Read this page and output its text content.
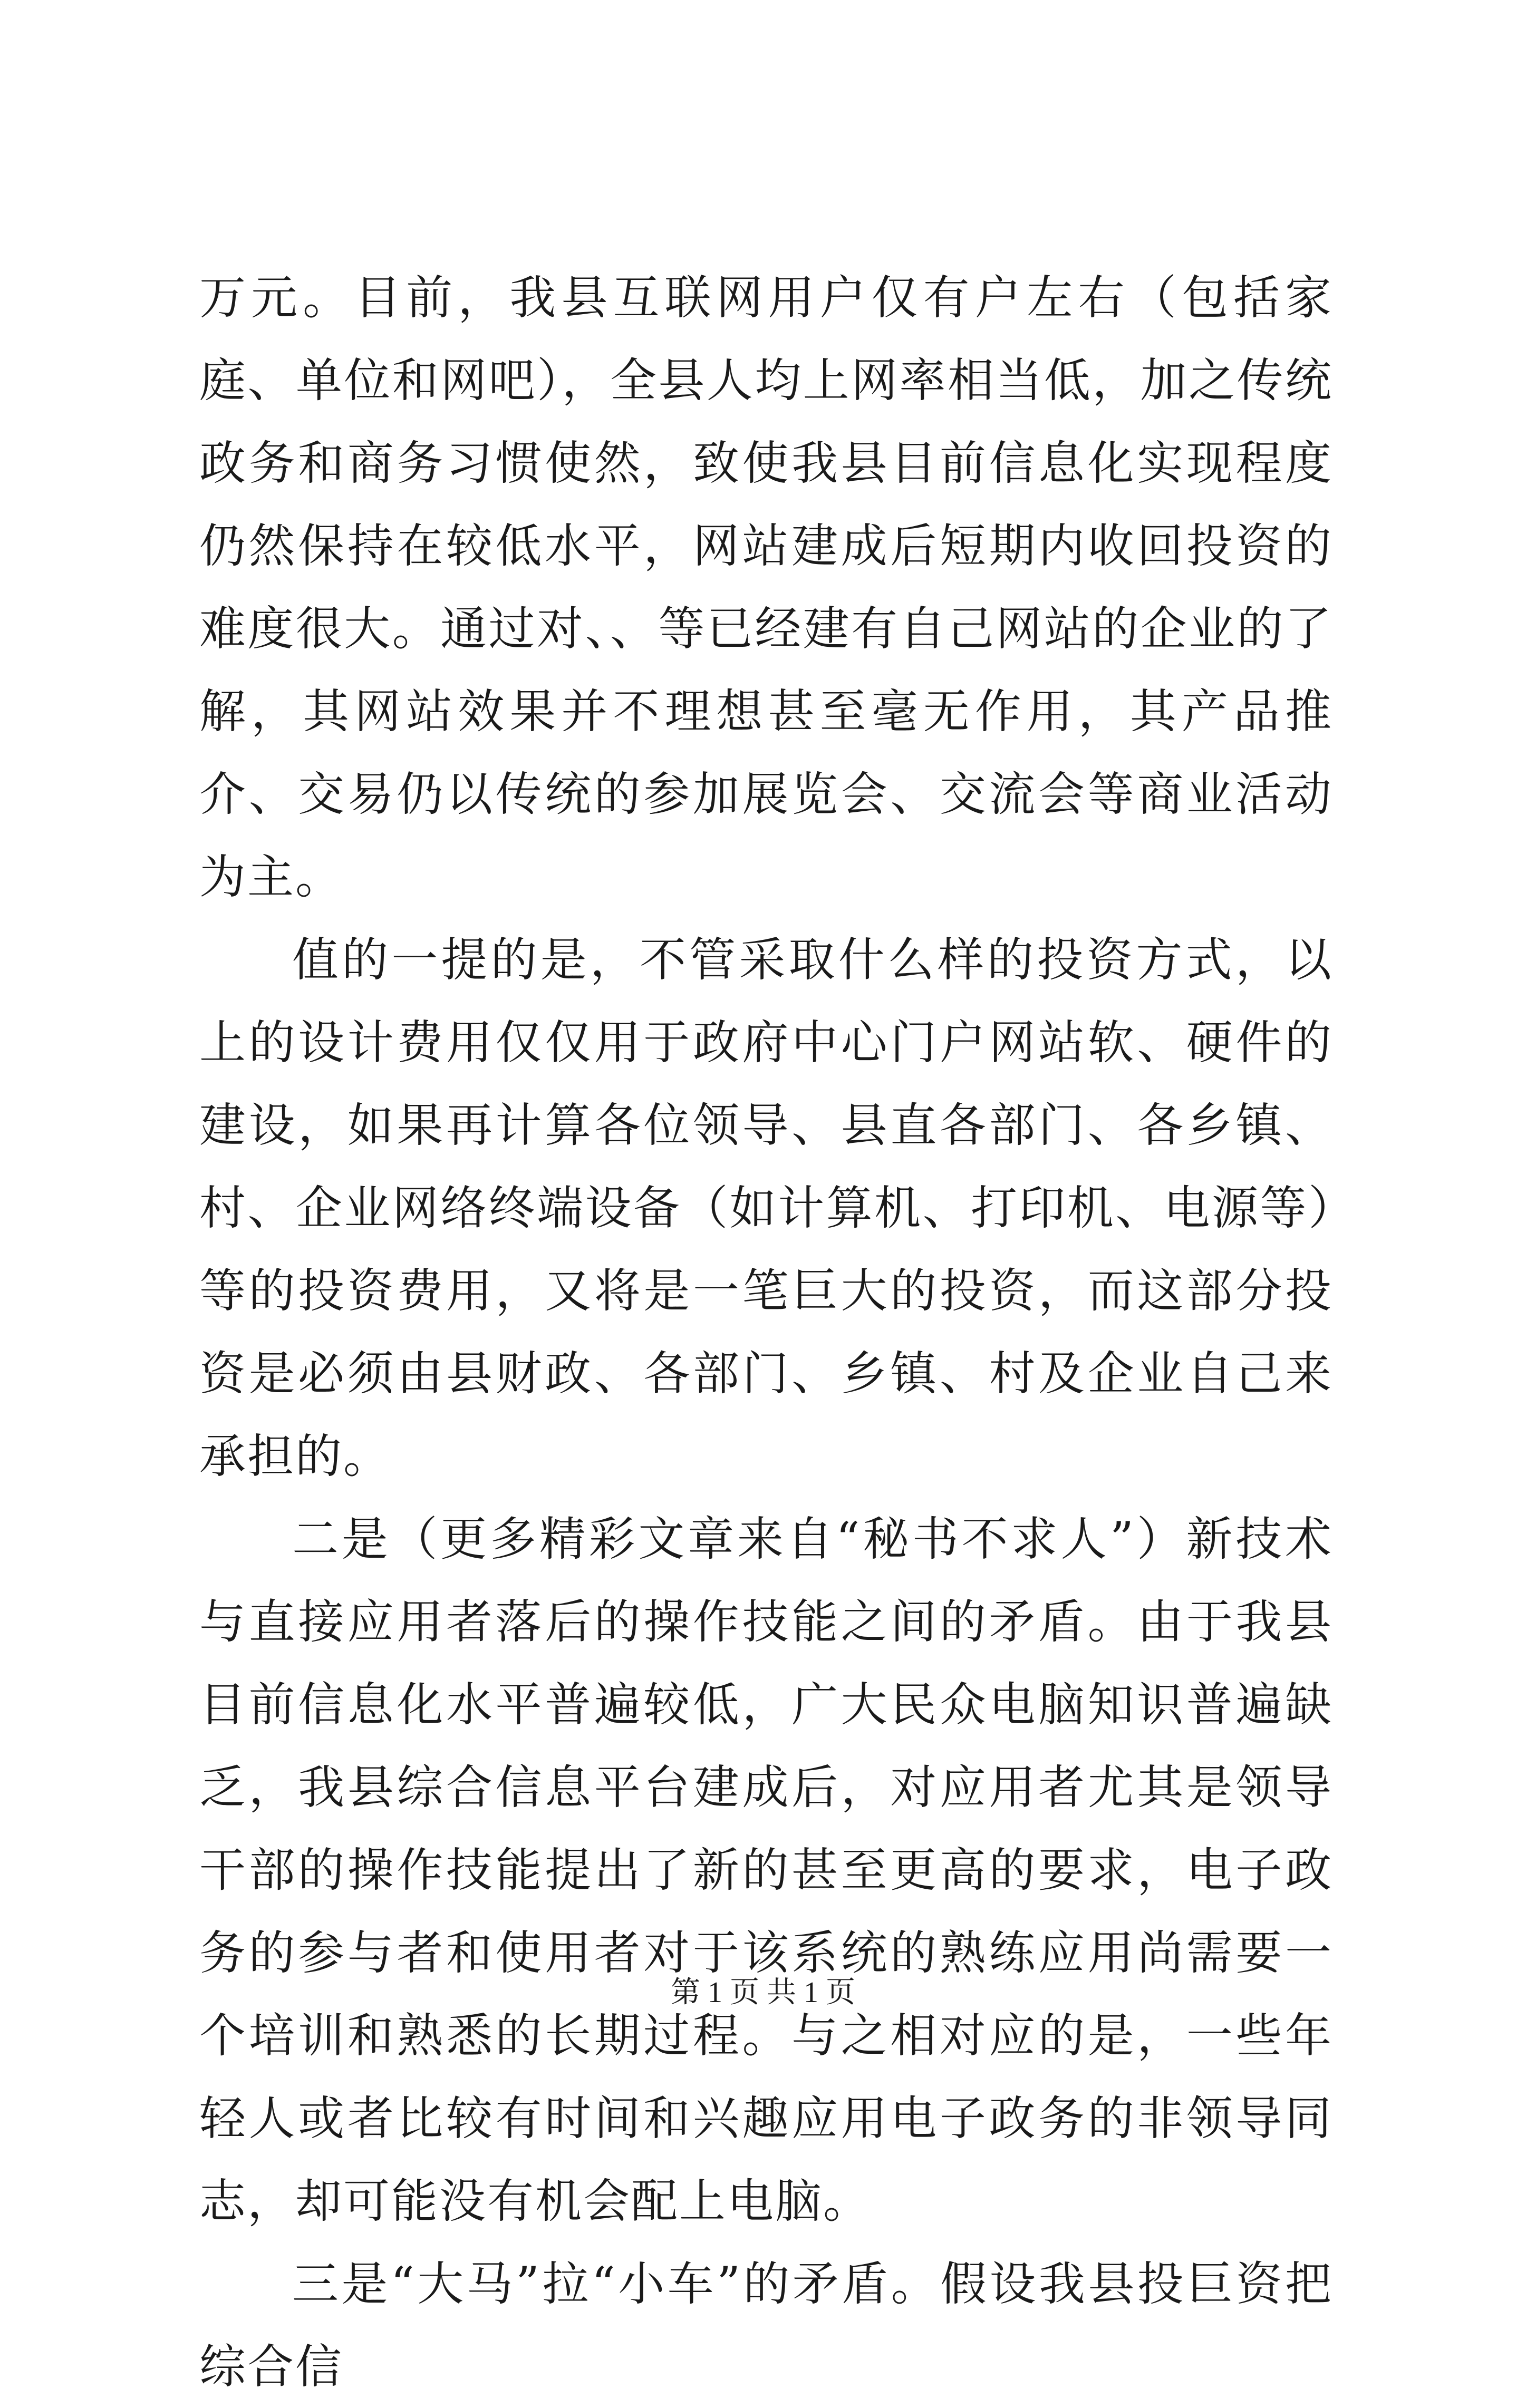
万元。目前，我县互联网用户仅有户左右（包括家庭、单位和网吧），全县人均上网率相当低，加之传统政务和商务习惯使然，致使我县目前信息化实现程度仍然保持在较低水平，网站建成后短期内收回投资的难度很大。通过对、、等已经建有自己网站的企业的了解，其网站效果并不理想甚至毫无作用，其产品推介、交易仍以传统的参加展览会、交流会等商业活动为主。

值的一提的是，不管采取什么样的投资方式，以上的设计费用仅仅用于政府中心门户网站软、硬件的建设，如果再计算各位领导、县直各部门、各乡镇、村、企业网络终端设备（如计算机、打印机、电源等）等的投资费用，又将是一笔巨大的投资，而这部分投资是必须由县财政、各部门、乡镇、村及企业自己来承担的。

二是（更多精彩文章来自“秘书不求人”）新技术与直接应用者落后的操作技能之间的矛盾。由于我县目前信息化水平普遍较低，广大民众电脑知识普遍缺乏，我县综合信息平台建成后，对应用者尤其是领导干部的操作技能提出了新的甚至更高的要求，电子政务的参与者和使用者对于该系统的熟练应用尚需要一个培训和熟悉的长期过程。与之相对应的是，一些年轻人或者比较有时间和兴趣应用电子政务的非领导同志，却可能没有机会配上电脑。

三是“大马”拉“小车”的矛盾。假设我县投巨资把综合信

第 1 页 共 1 页
